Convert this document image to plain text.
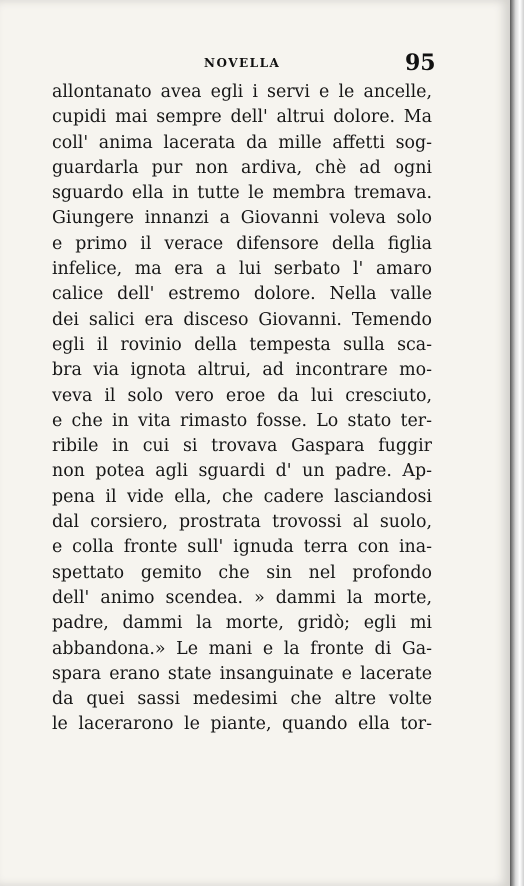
NOVELLA	95
allontanato avea egli i servi e le ancelle,
cupidi mai sempre dell' altrui dolore. Ma
coll' anima lacerata da mille affetti sog-
guardarla pur non ardiva, chè ad ogni
sguardo ella in tutte le membra tremava.
Giungere innanzi a Giovanni voleva solo
e primo il verace difensore della figlia
infelice, ma era a lui serbato l' amaro
calice dell' estremo dolore. Nella valle
dei salici era disceso Giovanni. Temendo
egli il rovinio della tempesta sulla sca-
bra via ignota altrui, ad incontrare mo-
veva il solo vero eroe da lui cresciuto,
e che in vita rimasto fosse. Lo stato ter-
ribile in cui si trovava Gaspara fuggir
non potea agli sguardi d' un padre. Ap-
pena il vide ella, che cadere lasciandosi
dal corsiero, prostrata trovossi al suolo,
e colla fronte sull' ignuda terra con ina-
spettato gemito che sin nel profondo
dell' animo scendea. » dammi la morte,
padre, dammi la morte, gridò; egli mi
abbandona.» Le mani e la fronte di Ga-
spara erano state insanguinate e lacerate
da quei sassi medesimi che altre volte
le lacerarono le piante, quando ella tor-
